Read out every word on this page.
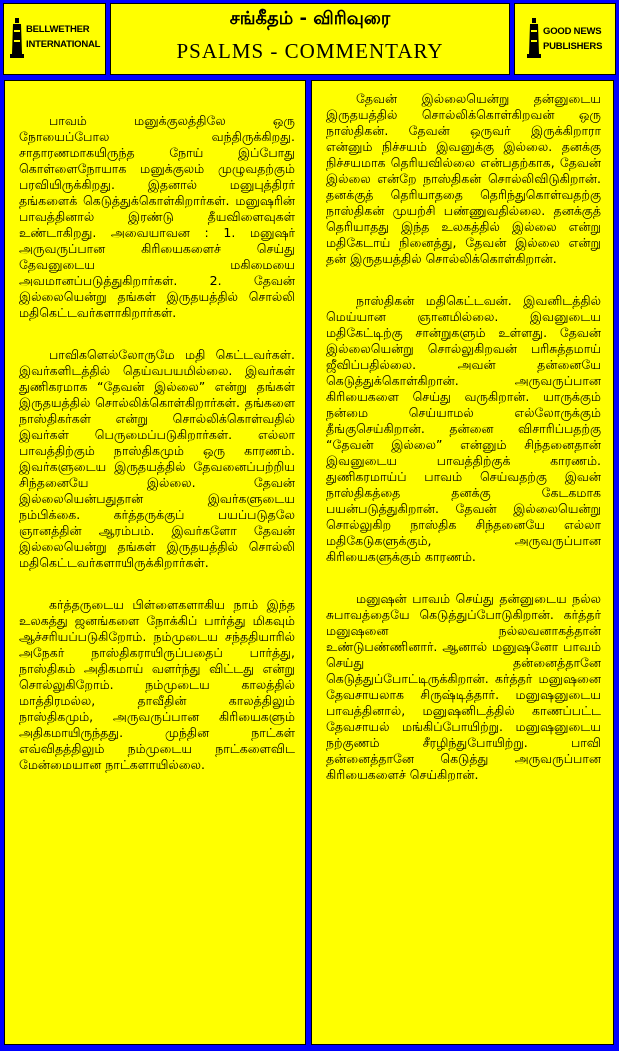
BELLWETHER
INTERNATIONAL
சங்கீதம் - விரிவுரை
PSALMS - COMMENTARY
GOOD NEWS
PUBLISHERS

பாவம் மனுக்குலத்திலே ஒரு நோயைப்போல வந்திருக்கிறது. சாதாரணமாகயிருந்த நோய் இப்போது கொள்ளைநோயாக மனுக்குலம் முழுவதற்கும் பரவியிருக்கிறது. இதனால் மனுபுத்திரர் தங்களைக் கெடுத்துக்கொள்கிறார்கள். மனுஷரின் பாவத்தினால் இரண்டு தீயவிளைவுகள் உண்டாகிறது. அவையாவன : 1. மனுஷர் அருவருப்பான கிரியைகளைச் செய்து தேவனுடைய மகிமையை அவமானப்படுத்துகிறார்கள். 2. தேவன் இல்லையென்று தங்கள் இருதயத்தில் சொல்லி மதிகெட்டவர்களாகிறார்கள்.

பாவிகளெல்லோருமே மதி கெட்டவர்கள். இவர்களிடத்தில் தெய்வபயமில்லை. இவர்கள் துணிகரமாக “தேவன் இல்லை” என்று தங்கள் இருதயத்தில் சொல்லிக்கொள்கிறார்கள். தங்களை நாஸ்திகர்கள் என்று சொல்லிக்கொள்வதில் இவர்கள் பெருமைப்படுகிறார்கள். எல்லா பாவத்திற்கும் நாஸ்திகமும் ஒரு காரணம். இவர்களுடைய இருதயத்தில் தேவனைப்பற்றிய சிந்தனையே இல்லை. தேவன் இல்லையென்பதுதான் இவர்களுடைய நம்பிக்கை. கர்த்தருக்குப் பயப்படுதலே ஞானத்தின் ஆரம்பம். இவர்களோ தேவன் இல்லையென்று தங்கள் இருதயத்தில் சொல்லி மதிகெட்டவர்களாயிருக்கிறார்கள்.

கர்த்தருடைய பிள்ளைகளாகிய நாம் இந்த உலகத்து ஜனங்களை நோக்கிப் பார்த்து மிகவும் ஆச்சரியப்படுகிறோம். நம்முடைய சந்ததியாரில் அநேகர் நாஸ்திகராயிருப்பதைப் பார்த்து, நாஸ்திகம் அதிகமாய் வளர்ந்து விட்டது என்று சொல்லுகிறோம். நம்முடைய காலத்தில் மாத்திரமல்ல, தாவீதின் காலத்திலும் நாஸ்திகமும், அருவருப்பான கிரியைகளும் அதிகமாயிருந்தது. முந்தின நாட்கள் எவ்விதத்திலும் நம்முடைய நாட்களைவிட மேன்மையான நாட்களாயில்லை.

தேவன் இல்லையென்று தன்னுடைய இருதயத்தில் சொல்லிக்கொள்கிறவன் ஒரு நாஸ்திகன். தேவன் ஒருவர் இருக்கிறாரா என்னும் நிச்சயம் இவனுக்கு இல்லை. தனக்கு நிச்சயமாக தெரியவில்லை என்பதற்காக, தேவன் இல்லை என்றே நாஸ்திகன் சொல்லிவிடுகிறான். தனக்குத் தெரியாததை தெரிந்துகொள்வதற்கு நாஸ்திகன் முயற்சி பண்ணுவதில்லை. தனக்குத் தெரியாதது இந்த உலகத்தில் இல்லை என்று மதிகேடாய் நினைத்து, தேவன் இல்லை என்று தன் இருதயத்தில் சொல்லிக்கொள்கிறான்.

நாஸ்திகன் மதிகெட்டவன். இவனிடத்தில் மெய்யான ஞானமில்லை. இவனுடைய மதிகேட்டிற்கு சான்றுகளும் உள்ளது. தேவன் இல்லையென்று சொல்லுகிறவன் பரிசுத்தமாய் ஜீவிப்பதில்லை. அவன் தன்னையே கெடுத்துக்கொள்கிறான். அருவருப்பான கிரியைகளை செய்து வருகிறான். யாருக்கும் நன்மை செய்யாமல் எல்லோருக்கும் தீங்குசெய்கிறான். தன்னை விசாரிப்பதற்கு “தேவன் இல்லை” என்னும் சிந்தனைதான் இவனுடைய பாவத்திற்குக் காரணம். துணிகரமாய்ப் பாவம் செய்வதற்கு இவன் நாஸ்திகத்தை தனக்கு கேடகமாக பயன்படுத்துகிறான். தேவன் இல்லையென்று சொல்லுகிற நாஸ்திக சிந்தனையே எல்லா மதிகேடுகளுக்கும், அருவருப்பான கிரியைகளுக்கும் காரணம்.

மனுஷன் பாவம் செய்து தன்னுடைய நல்ல சுபாவத்தையே கெடுத்துப்போடுகிறான். கர்த்தர் மனுஷனை நல்லவனாகத்தான் உண்டுபண்ணினார். ஆனால் மனுஷனோ பாவம் செய்து தன்னைத்தானே கெடுத்துப்போட்டிருக்கிறான். கர்த்தர் மனுஷனை தேவசாயலாக சிருஷ்டித்தார். மனுஷனுடைய பாவத்தினால், மனுஷனிடத்தில் காணப்பட்ட தேவசாயல் மங்கிப்போயிற்று. மனுஷனுடைய நற்குணம் சீரழிந்துபோயிற்று. பாவி தன்னைத்தானே கெடுத்து அருவருப்பான கிரியைகளைச் செய்கிறான்.
